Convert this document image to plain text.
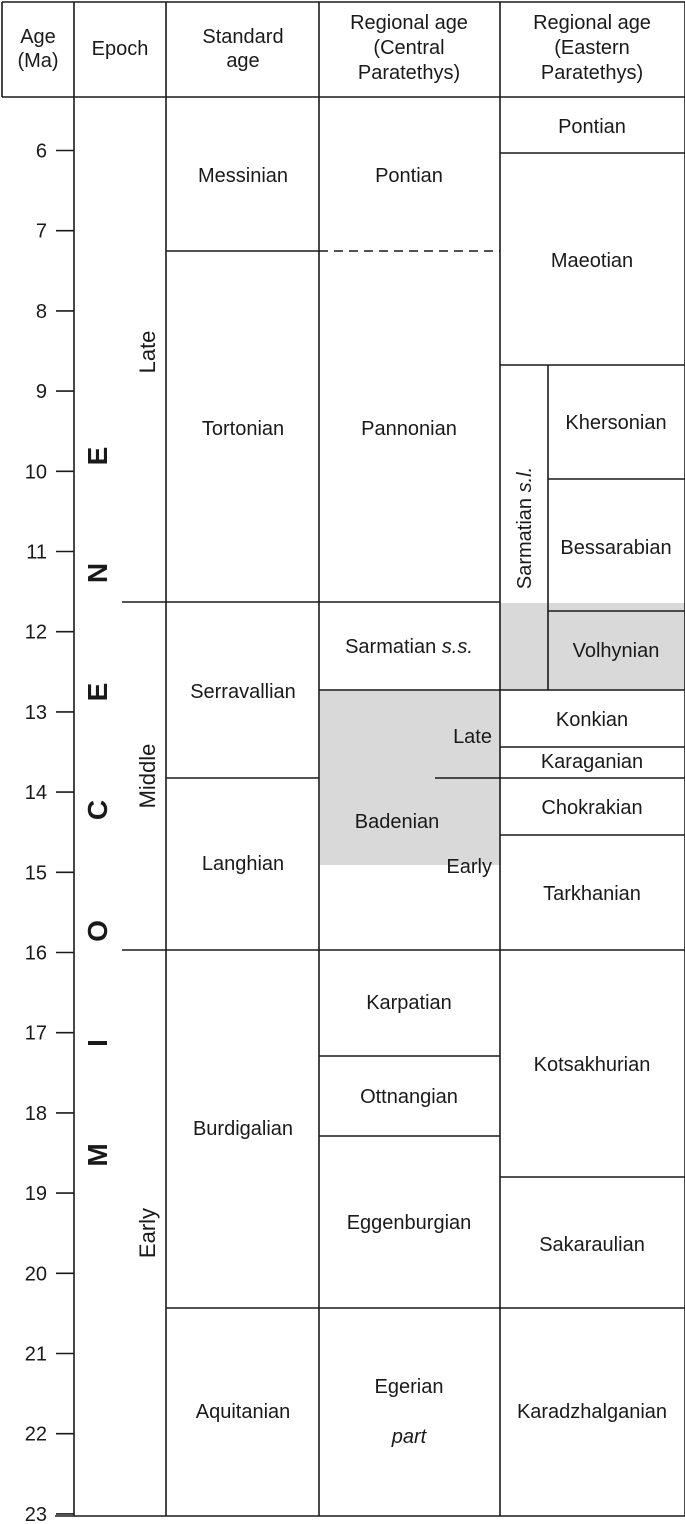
6
7
8
9
10
11
12
13
14
15
16
17
18
19
20
21
22
23
Age
(Ma)
Epoch
Standard
age
Regional age
(Central
Paratethys)
Regional age
(Eastern
Paratethys)
M
I
O
C
E
N
E
Late
Middle
Early
Messinian
Tortonian
Serravallian
Langhian
Burdigalian
Aquitanian
Pontian
Pannonian
Sarmatian s.s.
Late
Badenian
Early
Karpatian
Ottnangian
Eggenburgian
Egerian
part
Pontian
Maeotian
Sarmatian s.l.
Khersonian
Bessarabian
Volhynian
Konkian
Karaganian
Chokrakian
Tarkhanian
Kotsakhurian
Sakaraulian
Karadzhalganian
